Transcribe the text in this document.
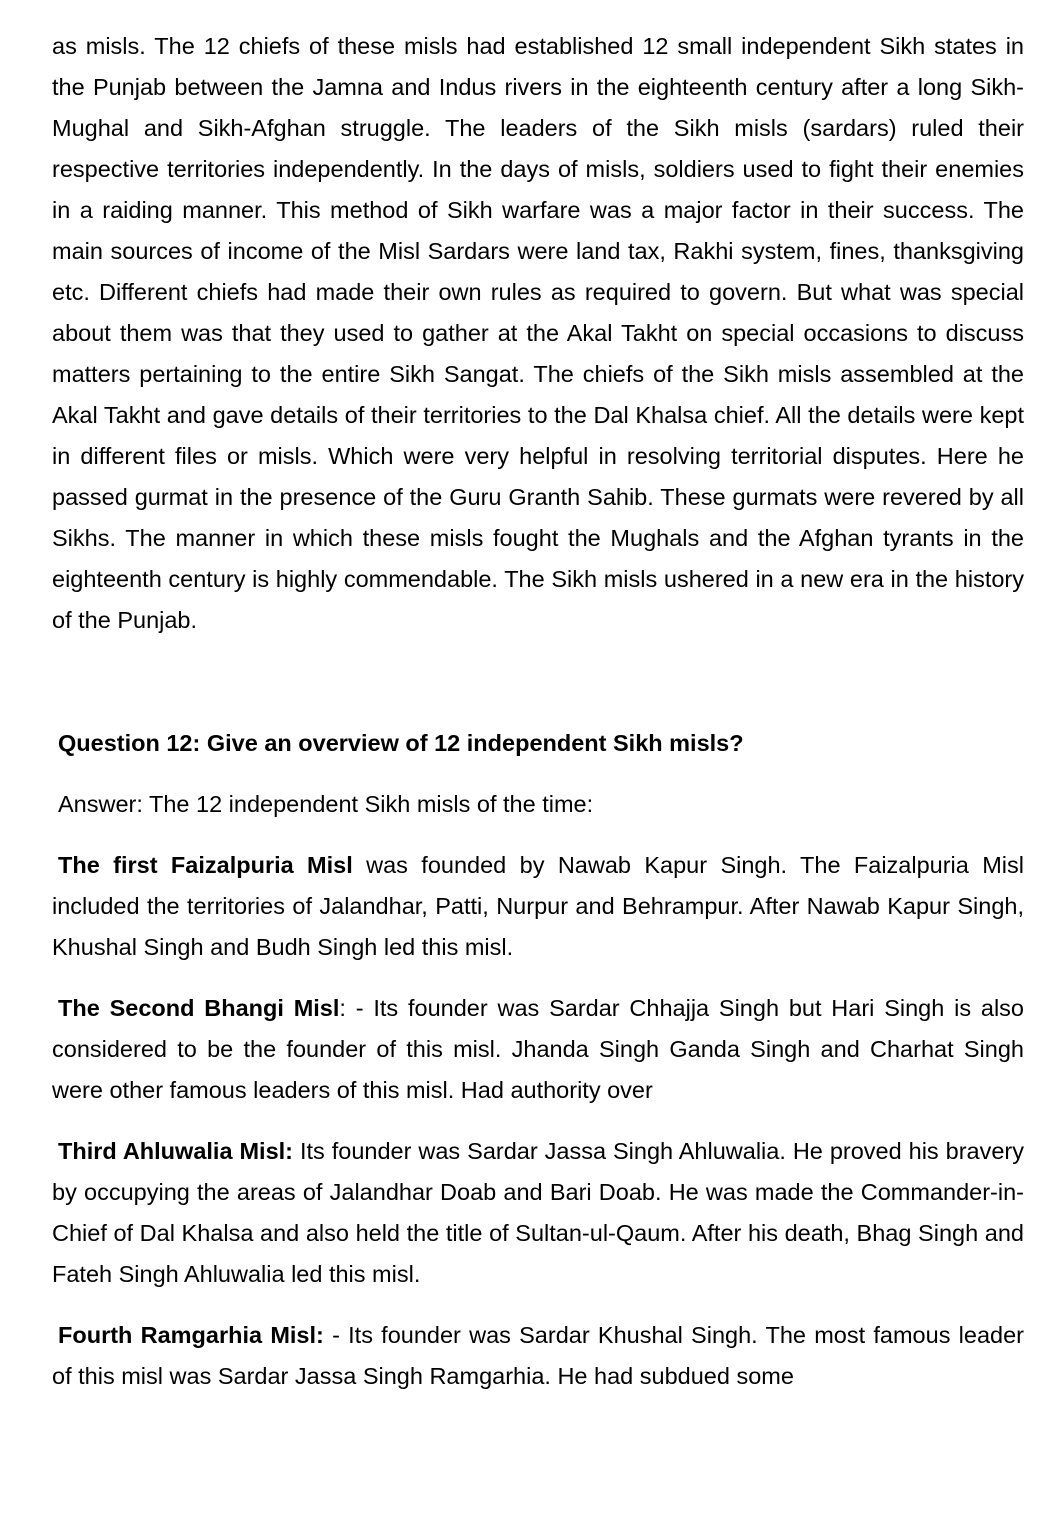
as misls. The 12 chiefs of these misls had established 12 small independent Sikh states in the Punjab between the Jamna and Indus rivers in the eighteenth century after a long Sikh-Mughal and Sikh-Afghan struggle. The leaders of the Sikh misls (sardars) ruled their respective territories independently. In the days of misls, soldiers used to fight their enemies in a raiding manner. This method of Sikh warfare was a major factor in their success. The main sources of income of the Misl Sardars were land tax, Rakhi system, fines, thanksgiving etc. Different chiefs had made their own rules as required to govern. But what was special about them was that they used to gather at the Akal Takht on special occasions to discuss matters pertaining to the entire Sikh Sangat. The chiefs of the Sikh misls assembled at the Akal Takht and gave details of their territories to the Dal Khalsa chief. All the details were kept in different files or misls. Which were very helpful in resolving territorial disputes. Here he passed gurmat in the presence of the Guru Granth Sahib. These gurmats were revered by all Sikhs. The manner in which these misls fought the Mughals and the Afghan tyrants in the eighteenth century is highly commendable. The Sikh misls ushered in a new era in the history of the Punjab.

Question 12: Give an overview of 12 independent Sikh misls?

Answer: The 12 independent Sikh misls of the time:

The first Faizalpuria Misl was founded by Nawab Kapur Singh. The Faizalpuria Misl included the territories of Jalandhar, Patti, Nurpur and Behrampur. After Nawab Kapur Singh, Khushal Singh and Budh Singh led this misl.

The Second Bhangi Misl: - Its founder was Sardar Chhajja Singh but Hari Singh is also considered to be the founder of this misl. Jhanda Singh Ganda Singh and Charhat Singh were other famous leaders of this misl. Had authority over

Third Ahluwalia Misl: Its founder was Sardar Jassa Singh Ahluwalia. He proved his bravery by occupying the areas of Jalandhar Doab and Bari Doab. He was made the Commander-in-Chief of Dal Khalsa and also held the title of Sultan-ul-Qaum. After his death, Bhag Singh and Fateh Singh Ahluwalia led this misl.

Fourth Ramgarhia Misl: - Its founder was Sardar Khushal Singh. The most famous leader of this misl was Sardar Jassa Singh Ramgarhia. He had subdued some
